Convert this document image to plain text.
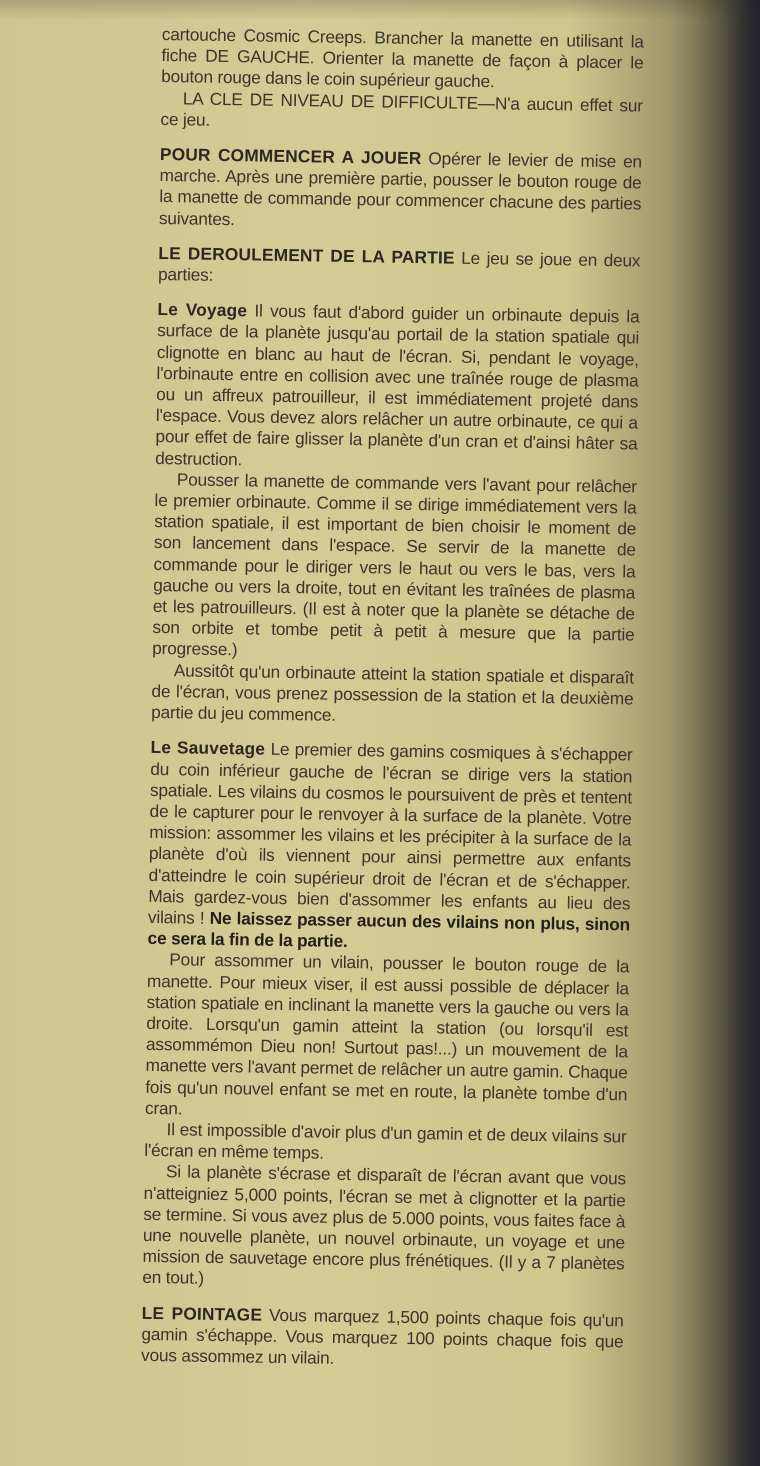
cartouche Cosmic Creeps. Brancher la manette en utilisant la fiche DE GAUCHE. Orienter la manette de façon à placer le bouton rouge dans le coin supérieur gauche.

LA CLE DE NIVEAU DE DIFFICULTE—N'a aucun effet sur ce jeu.

POUR COMMENCER A JOUER Opérer le levier de mise en marche. Après une première partie, pousser le bouton rouge de la manette de commande pour commencer chacune des parties suivantes.

LE DEROULEMENT DE LA PARTIE Le jeu se joue en deux parties:

Le Voyage Il vous faut d'abord guider un orbinaute depuis la surface de la planète jusqu'au portail de la station spatiale qui clignotte en blanc au haut de l'écran. Si, pendant le voyage, l'orbinaute entre en collision avec une traînée rouge de plasma ou un affreux patrouilleur, il est immédiatement projeté dans l'espace. Vous devez alors relâcher un autre orbinaute, ce qui a pour effet de faire glisser la planète d'un cran et d'ainsi hâter sa destruction.

Pousser la manette de commande vers l'avant pour relâcher le premier orbinaute. Comme il se dirige immédiatement vers la station spatiale, il est important de bien choisir le moment de son lancement dans l'espace. Se servir de la manette de commande pour le diriger vers le haut ou vers le bas, vers la gauche ou vers la droite, tout en évitant les traînées de plasma et les patrouilleurs. (Il est à noter que la planète se détache de son orbite et tombe petit à petit à mesure que la partie progresse.)

Aussitôt qu'un orbinaute atteint la station spatiale et disparaît de l'écran, vous prenez possession de la station et la deuxième partie du jeu commence.

Le Sauvetage Le premier des gamins cosmiques à s'échapper du coin inférieur gauche de l'écran se dirige vers la station spatiale. Les vilains du cosmos le poursuivent de près et tentent de le capturer pour le renvoyer à la surface de la planète. Votre mission: assommer les vilains et les précipiter à la surface de la planète d'où ils viennent pour ainsi permettre aux enfants d'atteindre le coin supérieur droit de l'écran et de s'échapper. Mais gardez-vous bien d'assommer les enfants au lieu des vilains ! Ne laissez passer aucun des vilains non plus, sinon ce sera la fin de la partie.

Pour assommer un vilain, pousser le bouton rouge de la manette. Pour mieux viser, il est aussi possible de déplacer la station spatiale en inclinant la manette vers la gauche ou vers la droite. Lorsqu'un gamin atteint la station (ou lorsqu'il est assommémon Dieu non! Surtout pas!...) un mouvement de la manette vers l'avant permet de relâcher un autre gamin. Chaque fois qu'un nouvel enfant se met en route, la planète tombe d'un cran.

Il est impossible d'avoir plus d'un gamin et de deux vilains sur l'écran en même temps.

Si la planète s'écrase et disparaît de l'écran avant que vous n'atteigniez 5,000 points, l'écran se met à clignotter et la partie se termine. Si vous avez plus de 5.000 points, vous faites face à une nouvelle planète, un nouvel orbinaute, un voyage et une mission de sauvetage encore plus frénétiques. (Il y a 7 planètes en tout.)

LE POINTAGE Vous marquez 1,500 points chaque fois qu'un gamin s'échappe. Vous marquez 100 points chaque fois que vous assommez un vilain.
